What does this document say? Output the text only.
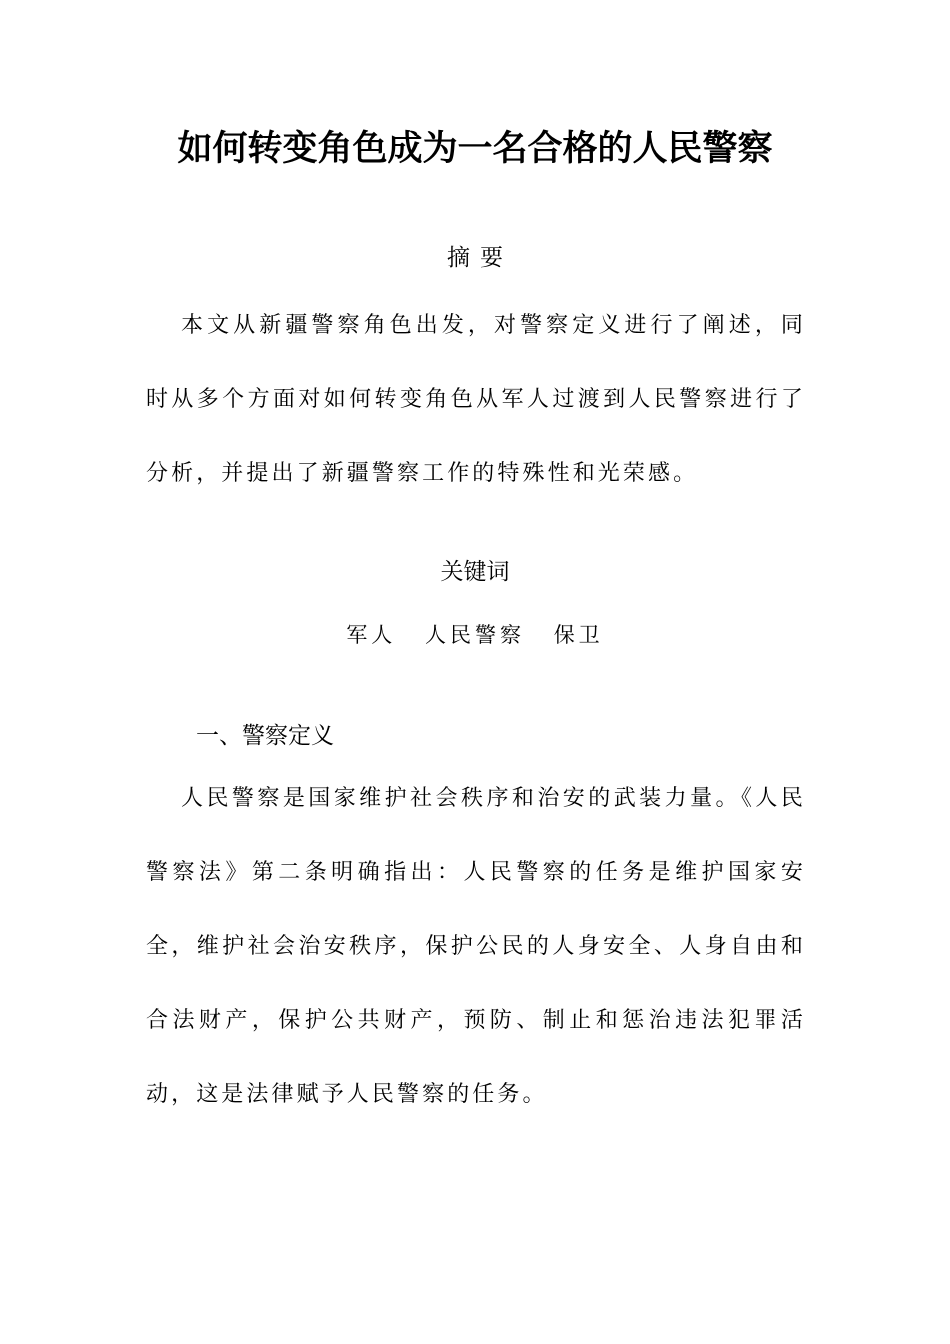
如何转变角色成为一名合格的人民警察
摘要
本文从新疆警察角色出发，对警察定义进行了阐述，同时从多个方面对如何转变角色从军人过渡到人民警察进行了分析，并提出了新疆警察工作的特殊性和光荣感。
关键词
军人 人民警察 保卫
一、警察定义
人民警察是国家维护社会秩序和治安的武装力量。《人民警察法》第二条明确指出：人民警察的任务是维护国家安全，维护社会治安秩序，保护公民的人身安全、人身自由和合法财产，保护公共财产，预防、制止和惩治违法犯罪活动，这是法律赋予人民警察的任务。
